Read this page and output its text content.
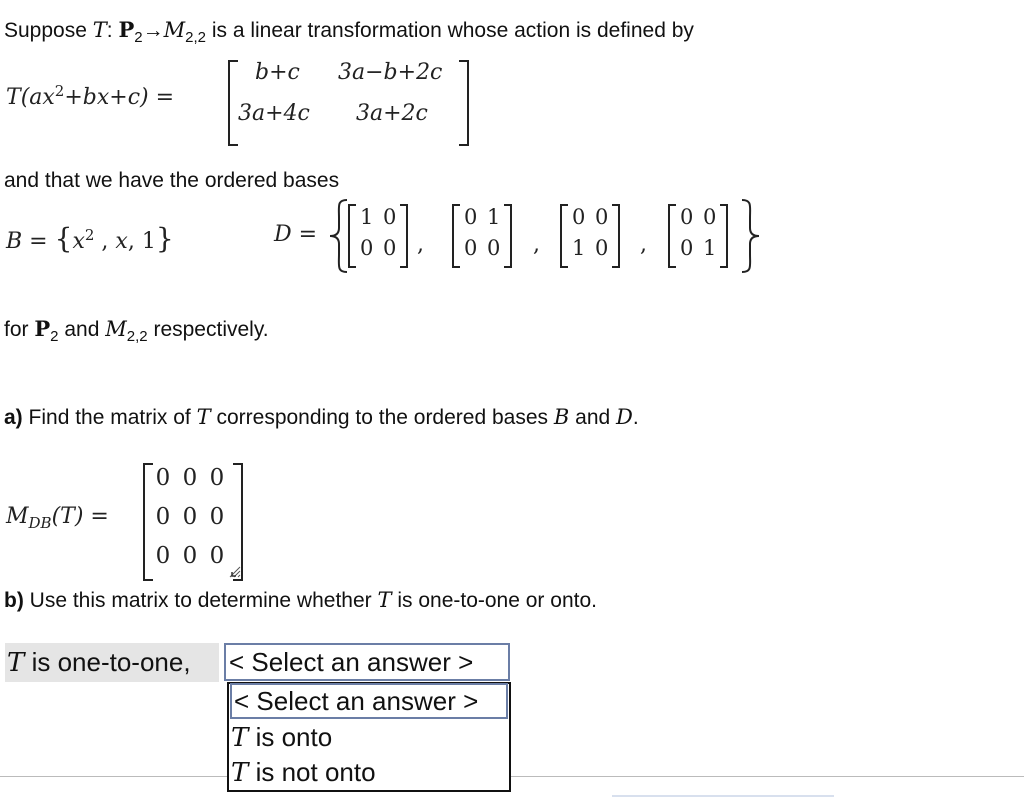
Suppose T: $P_2\to M_{2,2}$ is a linear transformation whose action is defined by
$T(ax^2+bx+c)$ =
b+c 3a−b+2c
3a+4c 3a+2c
and that we have the ordered bases
$B = \{x^2$ , x, 1}	D =
1 0
0 0 ,
0 1
0 0 ,
0 0
1 0 ,
0 0
0 1
for $P_2$ and $M_{2,2}$ respectively.
a) Find the matrix of T corresponding to the ordered bases B and D.
$M_{DB}(T)$ =
0 0 0
0 0 0
0 0 0
b) Use this matrix to determine whether T is one-to-one or onto.
T is one-to-one,	< Select an answer >
< Select an answer >
T is onto
T is not onto
